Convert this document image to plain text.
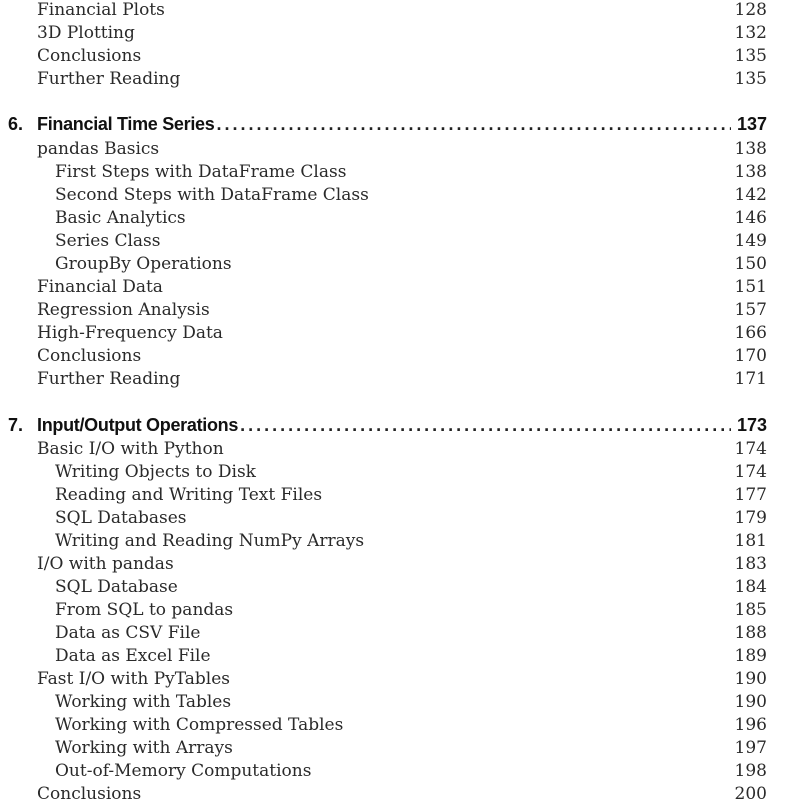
Financial Plots	128
3D Plotting	132
Conclusions	135
Further Reading	135
6. Financial Time Series . . .	137
pandas Basics	138
First Steps with DataFrame Class	138
Second Steps with DataFrame Class	142
Basic Analytics	146
Series Class	149
GroupBy Operations	150
Financial Data	151
Regression Analysis	157
High-Frequency Data	166
Conclusions	170
Further Reading	171
7. Input/Output Operations . . .	173
Basic I/O with Python	174
Writing Objects to Disk	174
Reading and Writing Text Files	177
SQL Databases	179
Writing and Reading NumPy Arrays	181
I/O with pandas	183
SQL Database	184
From SQL to pandas	185
Data as CSV File	188
Data as Excel File	189
Fast I/O with PyTables	190
Working with Tables	190
Working with Compressed Tables	196
Working with Arrays	197
Out-of-Memory Computations	198
Conclusions	200
